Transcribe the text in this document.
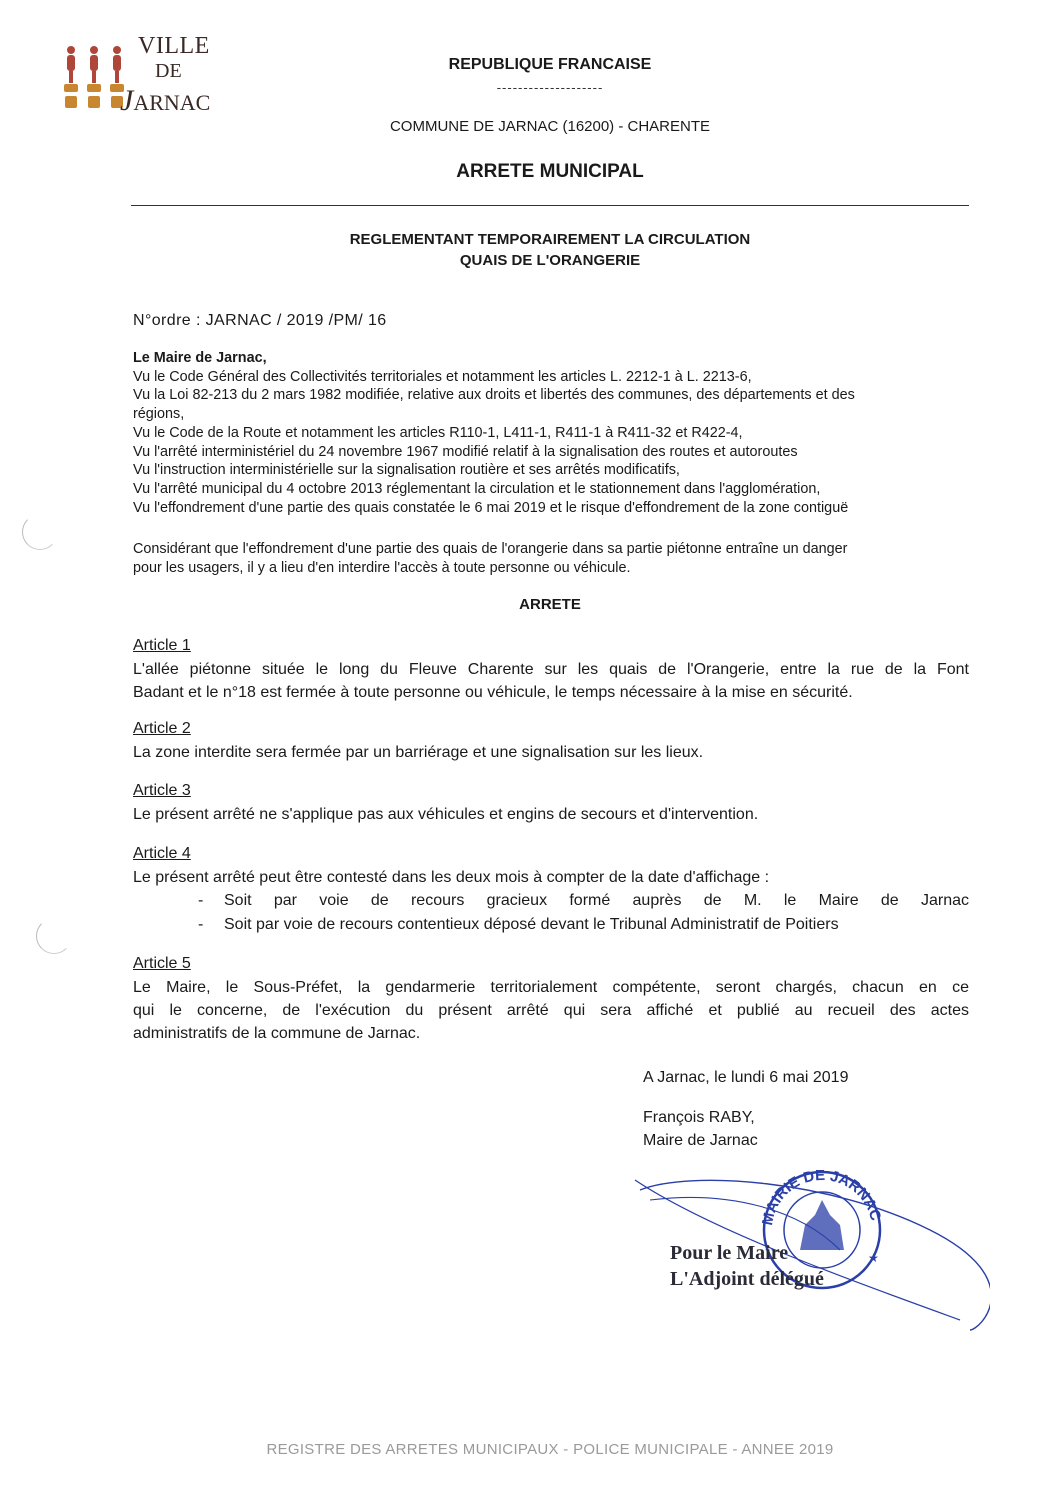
VILLE
DE
JARNAC
REPUBLIQUE FRANCAISE
--------------------
COMMUNE DE JARNAC (16200) - CHARENTE
ARRETE MUNICIPAL
REGLEMENTANT TEMPORAIREMENT LA CIRCULATION
QUAIS DE L'ORANGERIE
N°ordre : JARNAC / 2019 /PM/ 16
Le Maire de Jarnac,
Vu le Code Général des Collectivités territoriales et notamment les articles L. 2212-1 à L. 2213-6,
Vu la Loi 82-213 du 2 mars 1982 modifiée, relative aux droits et libertés des communes, des départements et des
régions,
Vu le Code de la Route et notamment les articles R110-1, L411-1, R411-1 à R411-32 et R422-4,
Vu l'arrêté interministériel du 24 novembre 1967 modifié relatif à la signalisation des routes et autoroutes
Vu l'instruction interministérielle sur la signalisation routière et ses arrêtés modificatifs,
Vu l'arrêté municipal du 4 octobre 2013 réglementant la circulation et le stationnement dans l'agglomération,
Vu l'effondrement d'une partie des quais constatée le 6 mai 2019 et le risque d'effondrement de la zone contiguë
Considérant que l'effondrement d'une partie des quais de l'orangerie dans sa partie piétonne entraîne un danger
pour les usagers, il y a lieu d'en interdire l'accès à toute personne ou véhicule.
ARRETE
Article 1
L'allée piétonne située le long du Fleuve Charente sur les quais de l'Orangerie, entre la rue de la Font
Badant et le n°18 est fermée à toute personne ou véhicule, le temps nécessaire à la mise en sécurité.
Article 2
La zone interdite sera fermée par un barriérage et une signalisation sur les lieux.
Article 3
Le présent arrêté ne s'applique pas aux véhicules et engins de secours et d'intervention.
Article 4
Le présent arrêté peut être contesté dans les deux mois à compter de la date d'affichage :
- Soit par voie de recours gracieux formé auprès de M. le Maire de Jarnac
- Soit par voie de recours contentieux déposé devant le Tribunal Administratif de Poitiers
Article 5
Le Maire, le Sous-Préfet, la gendarmerie territorialement compétente, seront chargés, chacun en ce
qui le concerne, de l'exécution du présent arrêté qui sera affiché et publié au recueil des actes
administratifs de la commune de Jarnac.
A Jarnac, le lundi 6 mai 2019
François RABY,
Maire de Jarnac
MAIRIE DE JARNAC
★
Pour le Maire
L'Adjoint délégué
REGISTRE DES ARRETES MUNICIPAUX - POLICE MUNICIPALE - ANNEE 2019
